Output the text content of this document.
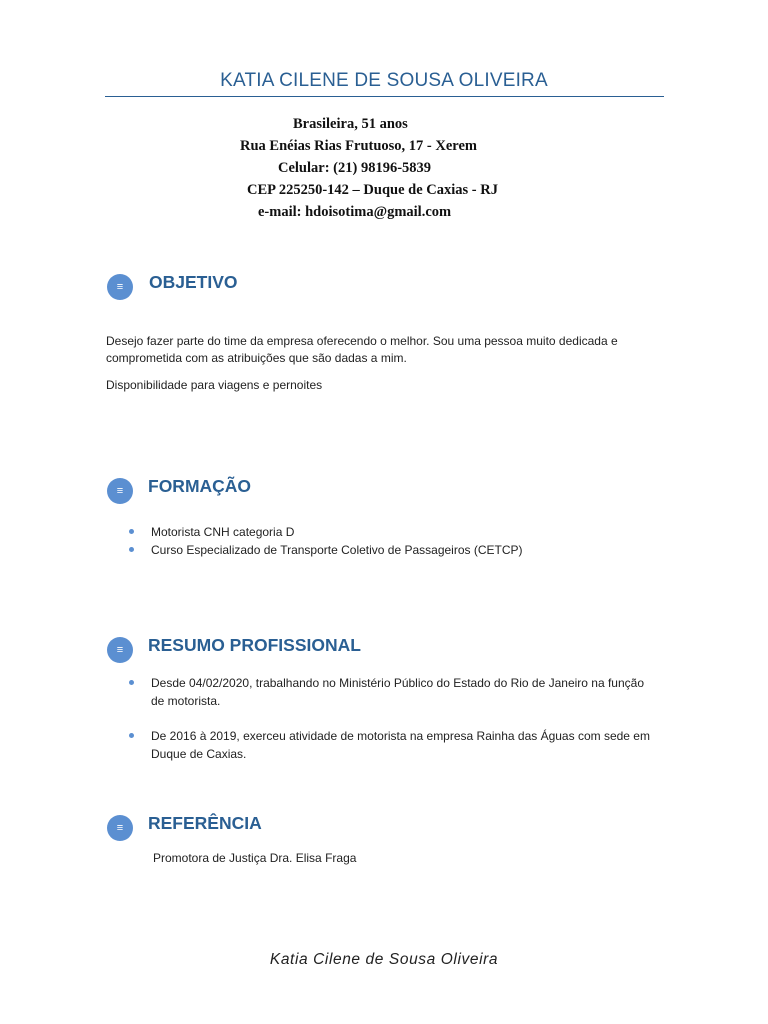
KATIA CILENE DE SOUSA OLIVEIRA
Brasileira, 51 anos
Rua Enéias Rias Frutuoso, 17 - Xerem
Celular: (21) 98196-5839
CEP 225250-142 – Duque de Caxias - RJ
e-mail: hdoisotima@gmail.com
≡	OBJETIVO
Desejo fazer parte do time da empresa oferecendo o melhor. Sou uma pessoa muito dedicada e comprometida com as atribuições que são dadas a mim.
Disponibilidade para viagens e pernoites
≡	FORMAÇÃO
Motorista CNH categoria D
Curso Especializado de Transporte Coletivo de Passageiros (CETCP)
≡	RESUMO PROFISSIONAL
Desde 04/02/2020, trabalhando no Ministério Público do Estado do Rio de Janeiro na função de motorista.
De 2016 à 2019, exerceu atividade de motorista na empresa Rainha das Águas com sede em Duque de Caxias.
≡	REFERÊNCIA
Promotora de Justiça Dra. Elisa Fraga
Katia Cilene de Sousa Oliveira
